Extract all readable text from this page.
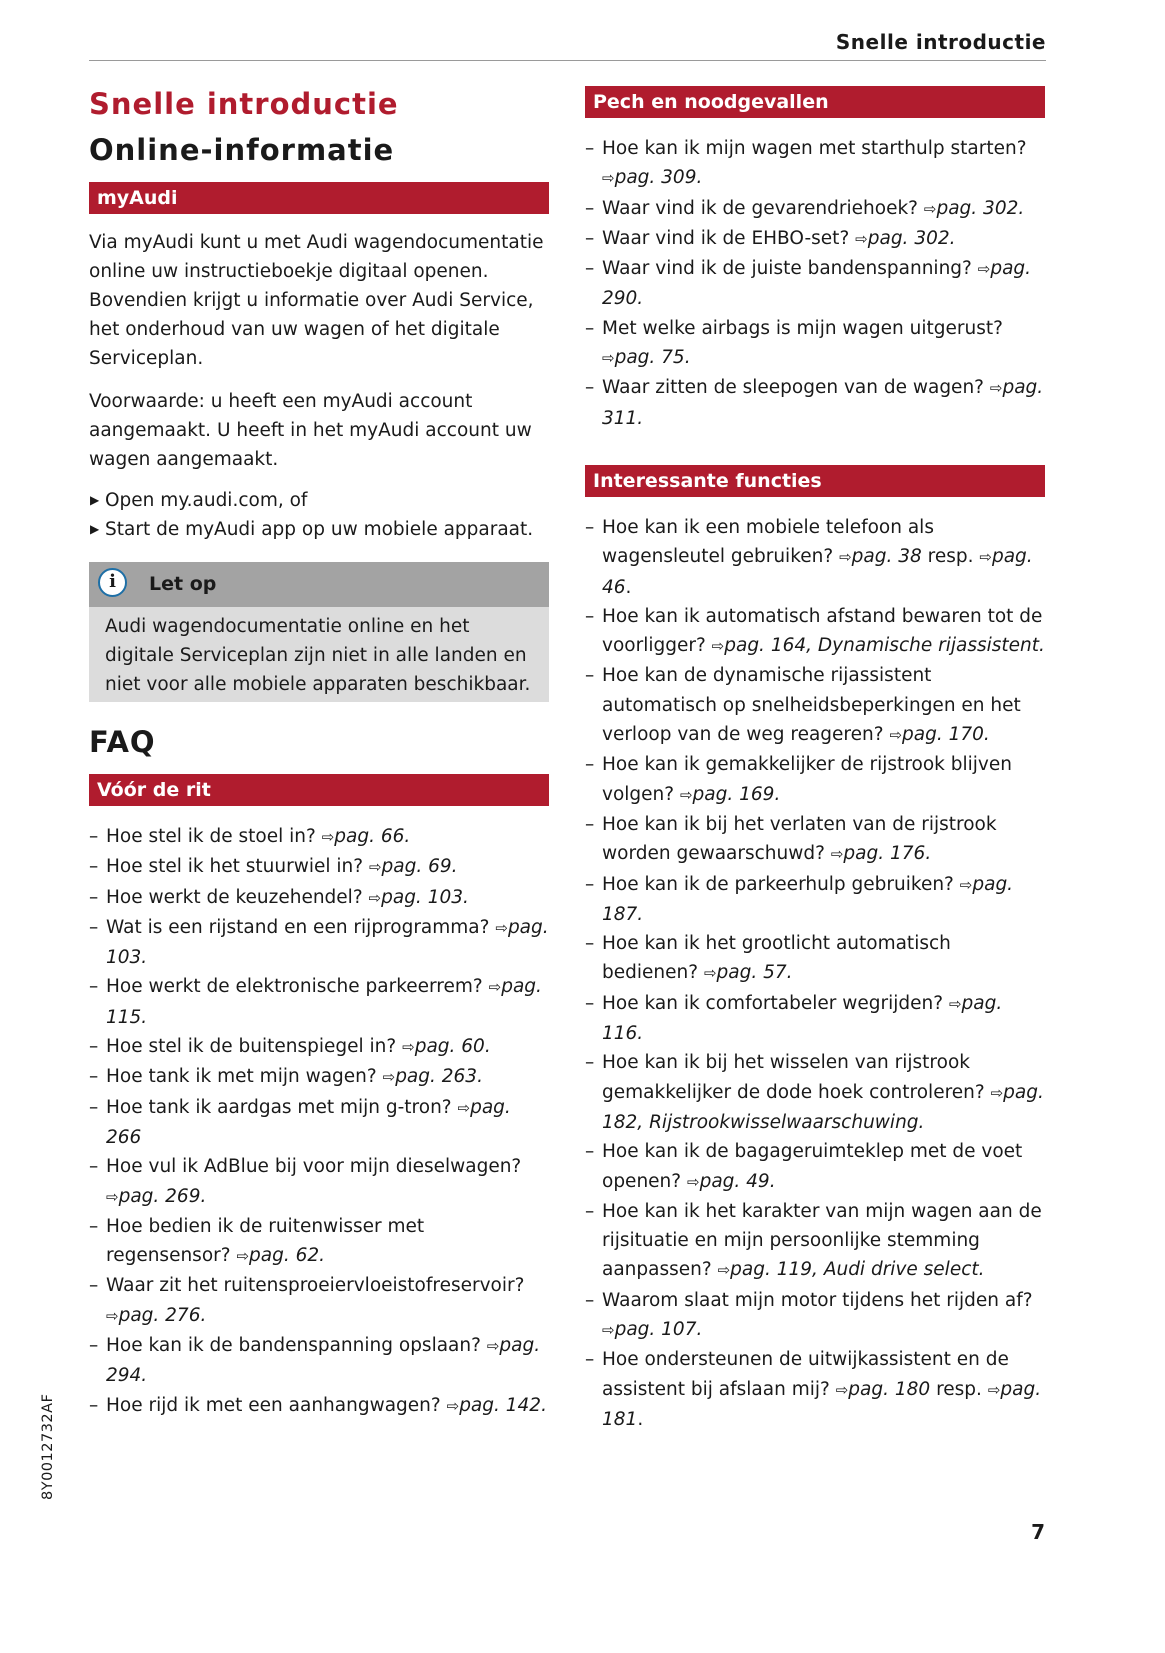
Snelle introductie
Snelle introductie
Online-informatie
myAudi

Via myAudi kunt u met Audi wagendocumentatie online uw instructieboekje digitaal openen. Bovendien krijgt u informatie over Audi Service, het onderhoud van uw wagen of het digitale Serviceplan.

Voorwaarde: u heeft een myAudi account aangemaakt. U heeft in het myAudi account uw wagen aangemaakt.

▶ Open my.audi.com, of
▶ Start de myAudi app op uw mobiele apparaat.
i	Let op
Audi wagendocumentatie online en het digitale Serviceplan zijn niet in alle landen en niet voor alle mobiele apparaten beschikbaar.
FAQ
Vóór de rit
– Hoe stel ik de stoel in? ⇨pag. 66.
– Hoe stel ik het stuurwiel in? ⇨pag. 69.
– Hoe werkt de keuzehendel? ⇨pag. 103.
– Wat is een rijstand en een rijprogramma? ⇨pag. 103.
– Hoe werkt de elektronische parkeerrem? ⇨pag. 115.
– Hoe stel ik de buitenspiegel in? ⇨pag. 60.
– Hoe tank ik met mijn wagen? ⇨pag. 263.
– Hoe tank ik aardgas met mijn g-tron? ⇨pag. 266
– Hoe vul ik AdBlue bij voor mijn dieselwagen? ⇨pag. 269.
– Hoe bedien ik de ruitenwisser met regensensor? ⇨pag. 62.
– Waar zit het ruitensproeiervloeistofreservoir? ⇨pag. 276.
– Hoe kan ik de bandenspanning opslaan? ⇨pag. 294.
– Hoe rijd ik met een aanhangwagen? ⇨pag. 142.
Pech en noodgevallen
– Hoe kan ik mijn wagen met starthulp starten? ⇨pag. 309.
– Waar vind ik de gevarendriehoek? ⇨pag. 302.
– Waar vind ik de EHBO-set? ⇨pag. 302.
– Waar vind ik de juiste bandenspanning? ⇨pag. 290.
– Met welke airbags is mijn wagen uitgerust? ⇨pag. 75.
– Waar zitten de sleepogen van de wagen? ⇨pag. 311.
Interessante functies
– Hoe kan ik een mobiele telefoon als wagensleutel gebruiken? ⇨pag. 38 resp. ⇨pag. 46.
– Hoe kan ik automatisch afstand bewaren tot de voorligger? ⇨pag. 164, Dynamische rijassistent.
– Hoe kan de dynamische rijassistent automatisch op snelheidsbeperkingen en het verloop van de weg reageren? ⇨pag. 170.
– Hoe kan ik gemakkelijker de rijstrook blijven volgen? ⇨pag. 169.
– Hoe kan ik bij het verlaten van de rijstrook worden gewaarschuwd? ⇨pag. 176.
– Hoe kan ik de parkeerhulp gebruiken? ⇨pag. 187.
– Hoe kan ik het grootlicht automatisch bedienen? ⇨pag. 57.
– Hoe kan ik comfortabeler wegrijden? ⇨pag. 116.
– Hoe kan ik bij het wisselen van rijstrook gemakkelijker de dode hoek controleren? ⇨pag. 182, Rijstrookwisselwaarschuwing.
– Hoe kan ik de bagageruimteklep met de voet openen? ⇨pag. 49.
– Hoe kan ik het karakter van mijn wagen aan de rijsituatie en mijn persoonlijke stemming aanpassen? ⇨pag. 119, Audi drive select.
– Waarom slaat mijn motor tijdens het rijden af? ⇨pag. 107.
– Hoe ondersteunen de uitwijkassistent en de assistent bij afslaan mij? ⇨pag. 180 resp. ⇨pag. 181.
8Y0012732AF
7
